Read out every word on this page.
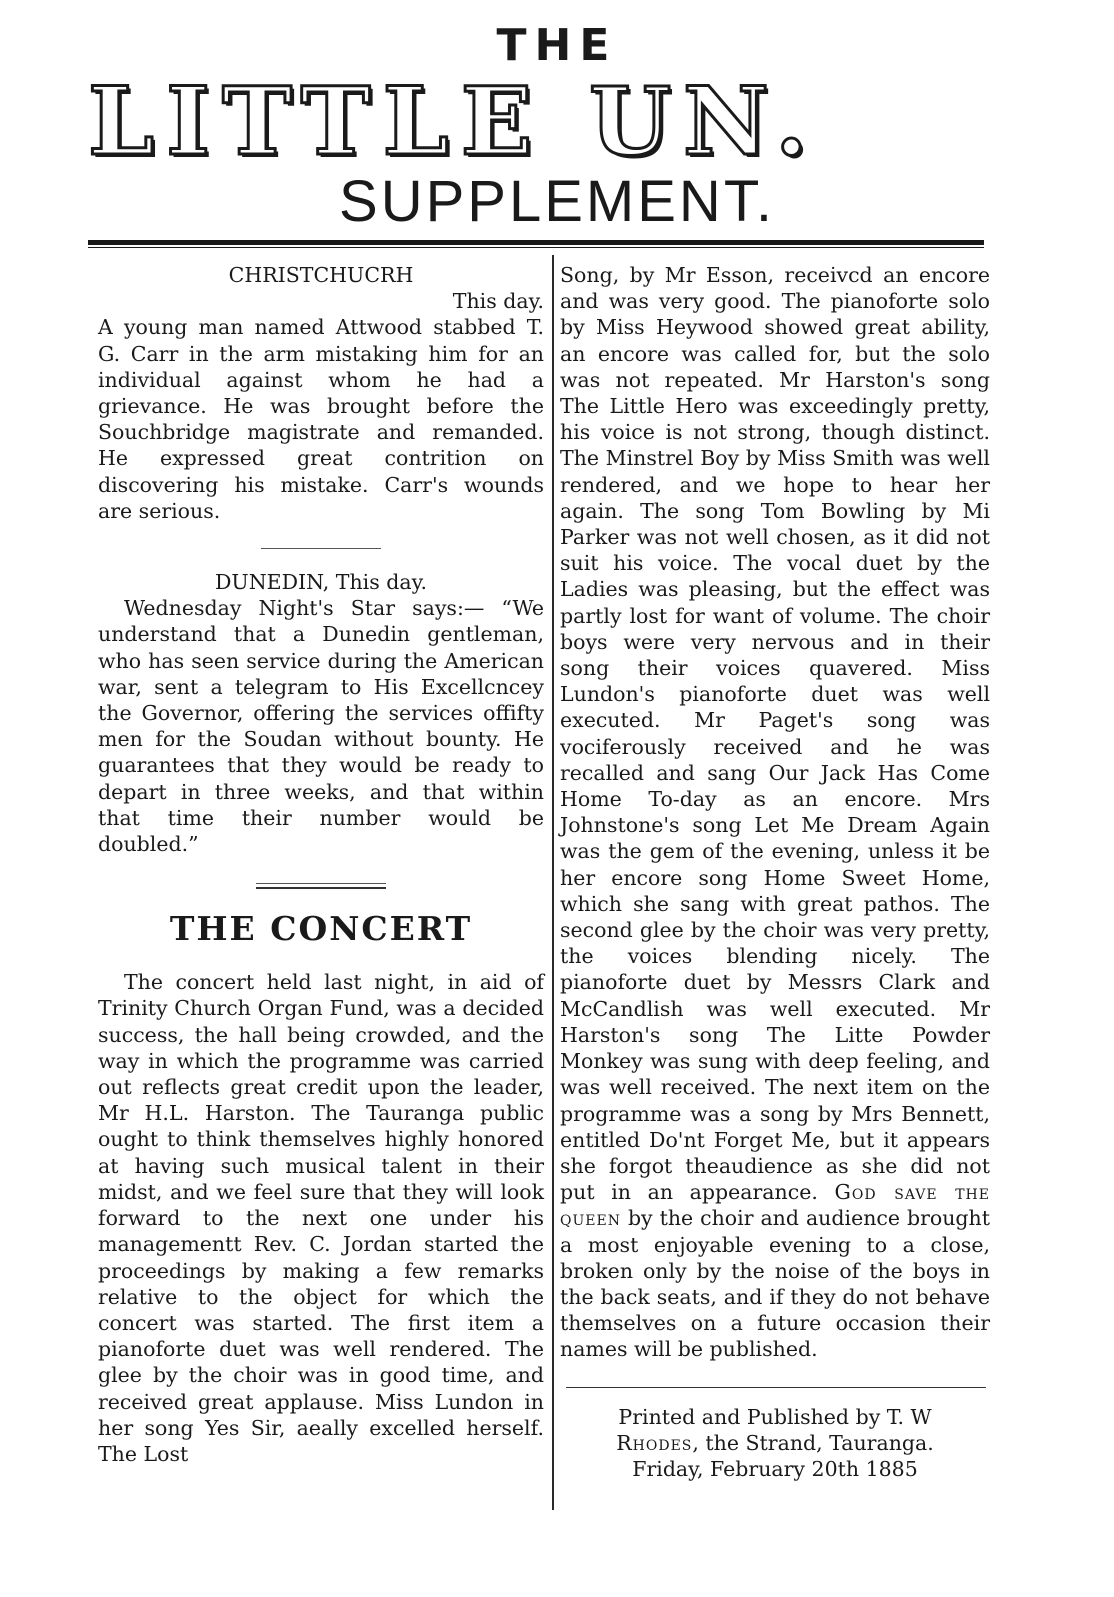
THE
LITTLE UN.
SUPPLEMENT.

CHRISTCHUCRH

This day.

A young man named Attwood stabbed T. G. Carr in the arm mistaking him for an individual against whom he had a grievance. He was brought before the Souchbridge magistrate and remanded. He expressed great contrition on discovering his mistake. Carr's wounds are serious.

DUNEDIN, This day.

Wednesday Night's Star says:— “We understand that a Dunedin gentleman, who has seen service during the American war, sent a telegram to His Excellcncey the Governor, offering the services offifty men for the Soudan without bounty. He guarantees that they would be ready to depart in three weeks, and that within that time their number would be doubled.”

THE CONCERT

The concert held last night, in aid of Trinity Church Organ Fund, was a decided success, the hall being crowded, and the way in which the programme was carried out reflects great credit upon the leader, Mr H.L. Harston. The Tauranga public ought to think themselves highly honored at having such musical talent in their midst, and we feel sure that they will look forward to the next one under his managementt Rev. C. Jordan started the proceedings by making a few remarks relative to the object for which the concert was started. The first item a pianoforte duet was well rendered. The glee by the choir was in good time, and received great applause. Miss Lundon in her song Yes Sir, aeally excelled herself. The Lost

Song, by Mr Esson, receivcd an encore and was very good. The pianoforte solo by Miss Heywood showed great ability, an encore was called for, but the solo was not repeated. Mr Harston's song The Little Hero was exceedingly pretty, his voice is not strong, though distinct. The Minstrel Boy by Miss Smith was well rendered, and we hope to hear her again. The song Tom Bowling by Mi Parker was not well chosen, as it did not suit his voice. The vocal duet by the Ladies was pleasing, but the effect was partly lost for want of volume. The choir boys were very nervous and in their song their voices quavered. Miss Lundon's pianoforte duet was well executed. Mr Paget's song was vociferously received and he was recalled and sang Our Jack Has Come Home To-day as an encore. Mrs Johnstone's song Let Me Dream Again was the gem of the evening, unless it be her encore song Home Sweet Home, which she sang with great pathos. The second glee by the choir was very pretty, the voices blending nicely. The pianoforte duet by Messrs Clark and McCandlish was well executed. Mr Harston's song The Litte Powder Monkey was sung with deep feeling, and was well received. The next item on the programme was a song by Mrs Bennett, entitled Do'nt Forget Me, but it appears she forgot theaudience as she did not put in an appearance. God save the queen by the choir and audience brought a most enjoyable evening to a close, broken only by the noise of the boys in the back seats, and if they do not behave themselves on a future occasion their names will be published.

Printed and Published by T. W

Rhodes, the Strand, Tauranga.

Friday, February 20th 1885
